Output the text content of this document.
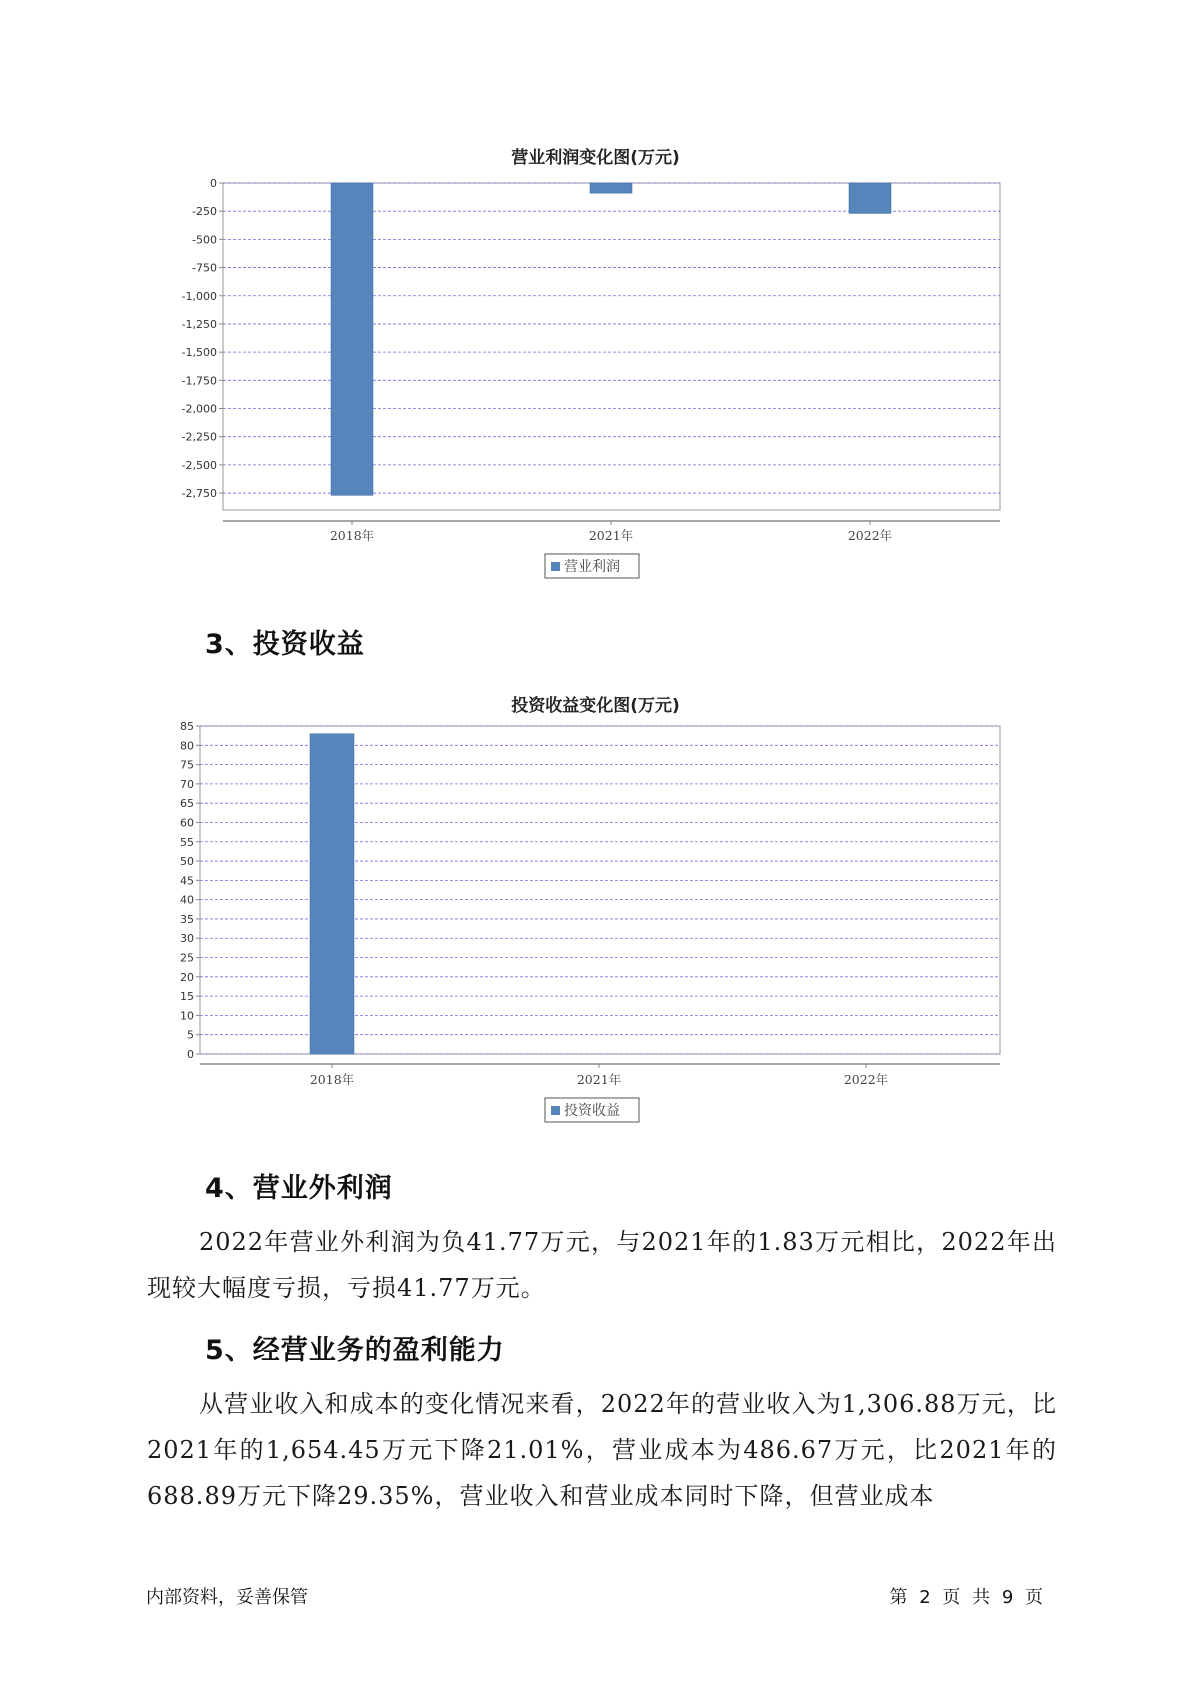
营业利润变化图(万元)
0
-250
-500
-750
-1,000
-1,250
-1,500
-1,750
-2,000
-2,250
-2,500
-2,750
2018年	2021年	2022年
营业利润
3、投资收益
投资收益变化图(万元)
0
5
10
15
20
25
30
35
40
45
50
55
60
65
70
75
80
85
2018年	2021年	2022年
投资收益
4、营业外利润

2022年营业外利润为负41.77万元，与2021年的1.83万元相比，2022年出现较大幅度亏损，亏损41.77万元。

5、经营业务的盈利能力

从营业收入和成本的变化情况来看，2022年的营业收入为1,306.88万元，比2021年的1,654.45万元下降21.01%，营业成本为486.67万元，比2021年的688.89万元下降29.35%，营业收入和营业成本同时下降，但营业成本

内部资料，妥善保管	第 2 页 共 9 页
